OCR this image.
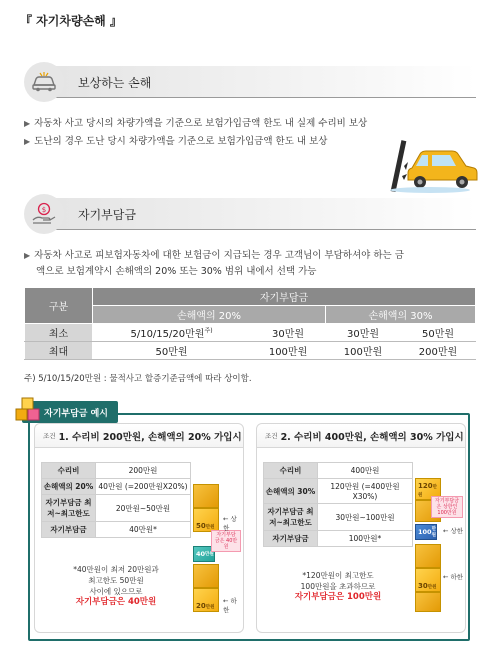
『 자기차량손해 』
보상하는 손해
▶ 자동차 사고 당시의 차량가액을 기준으로 보험가입금액 한도 내 실제 수리비 보상
▶ 도난의 경우 도난 당시 차량가액을 기준으로 보험가입금액 한도 내 보상
$	자기부담금
▶ 자동차 사고로 피보험자동차에 대한 보험금이 지급되는 경우 고객님이 부담하셔야 하는 금
액으로 보험계약시 손해액의 20% 또는 30% 범위 내에서 선택 가능
구분	자기부담금			
	손해액의 20%		손해액의 30%	
최소	5/10/15/20만원$^{주)}$	30만원	30만원	50만원
최대	50만원	100만원	100만원	200만원
주) 5/10/15/20만원 : 물적사고 할증기준금액에 따라 상이함.
자기부담금 예시
조건 1. 수리비 200만원, 손해액의 20% 가입시
수리비	200만원
손해액의 20%	40만원 (=200만원X20%)
자기부담금 최저~최고한도	20만원~50만원
자기부담금	40만원*
*40만원이 최저 20만원과
최고한도 50만원
사이에 있으므로
자기부담금은 40만원
50만원
40 만원
20만원
자기부담금은 40만원
← 상한
← 하한
조건 2. 수리비 400만원, 손해액의 30% 가입시
수리비	400만원
손해액의 30%	120만원 (=400만원X30%)
자기부담금 최저~최고한도	30만원~100만원
자기부담금	100만원*
*120만원이 최고한도
100만원을 초과하므로
자기부담금은 100만원
120만원
100 만원
30만원
자기부담금은 상한인 100만원
← 상한
← 하한
